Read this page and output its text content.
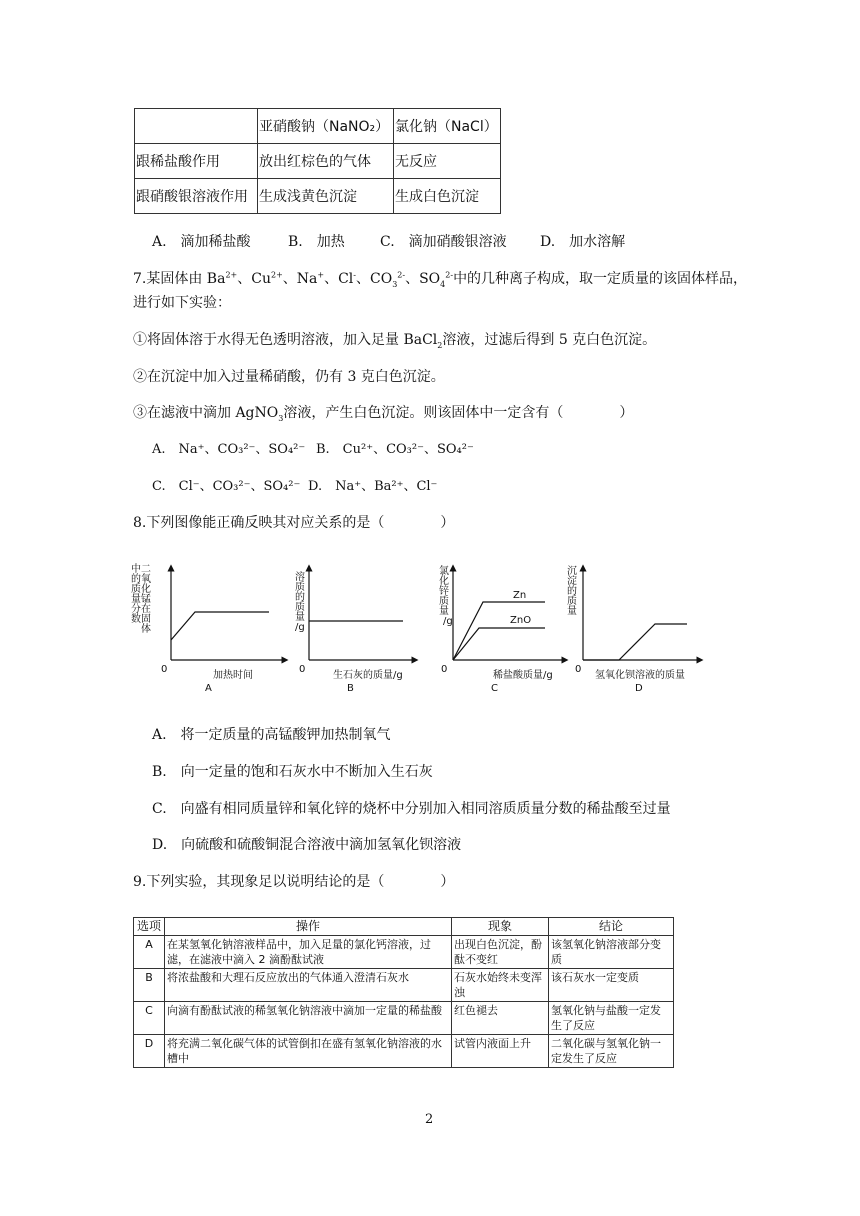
	亚硝酸钠（NaNO₂）	氯化钠（NaCl）
跟稀盐酸作用	放出红棕色的气体	无反应
跟硝酸银溶液作用	生成浅黄色沉淀	生成白色沉淀
A.　滴加稀盐酸	B.　加热	C.　滴加硝酸银溶液 D.　加水溶解
7.某固体由 $Ba^{2+}$、$Cu^{2+}$、Na+、Cl-、$CO_3^{2-}$、$SO_4^{2-}$中的几种离子构成，取一定质量的该固体样品，
进行如下实验：
①将固体溶于水得无色透明溶液，加入足量 BaCl$_2$溶液，过滤后得到 5 克白色沉淀。
②在沉淀中加入过量稀硝酸，仍有 3 克白色沉淀。
③在滤液中滴加 AgNO$_3$溶液，产生白色沉淀。则该固体中一定含有（　　　　）
A.　Na⁺、CO₃²⁻、SO₄²⁻ B.　Cu²⁺、CO₃²⁻、SO₄²⁻
C.　Cl⁻、CO₃²⁻、SO₄²⁻ D.　Na⁺、Ba²⁺、Cl⁻
8.下列图像能正确反映其对应关系的是（　　　　）
二氧化锰在固体
中的质量分数
0
加热时间
A
溶质的质量/g
0
生石灰的质量/g
B
氯化锌质量/g
Zn
ZnO
0
稀盐酸质量/g
C
沉淀的质量
0
氢氧化钡溶液的质量
D
A.　将一定质量的高锰酸钾加热制氧气
B.　向一定量的饱和石灰水中不断加入生石灰
C.　向盛有相同质量锌和氧化锌的烧杯中分别加入相同溶质质量分数的稀盐酸至过量
D.　向硫酸和硫酸铜混合溶液中滴加氢氧化钡溶液
9.下列实验，其现象足以说明结论的是（　　　　）
选项	操作	现象	结论
A	在某氢氧化钠溶液样品中，加入足量的氯化钙溶液，过滤，在滤液中滴入 2 滴酚酞试液	出现白色沉淀，酚酞不变红	该氢氧化钠溶液部分变质
B	将浓盐酸和大理石反应放出的气体通入澄清石灰水	石灰水始终未变浑浊	该石灰水一定变质
C	向滴有酚酞试液的稀氢氧化钠溶液中滴加一定量的稀盐酸	红色褪去	氢氧化钠与盐酸一定发生了反应
D	将充满二氧化碳气体的试管倒扣在盛有氢氧化钠溶液的水槽中	试管内液面上升	二氧化碳与氢氧化钠一定发生了反应
2
